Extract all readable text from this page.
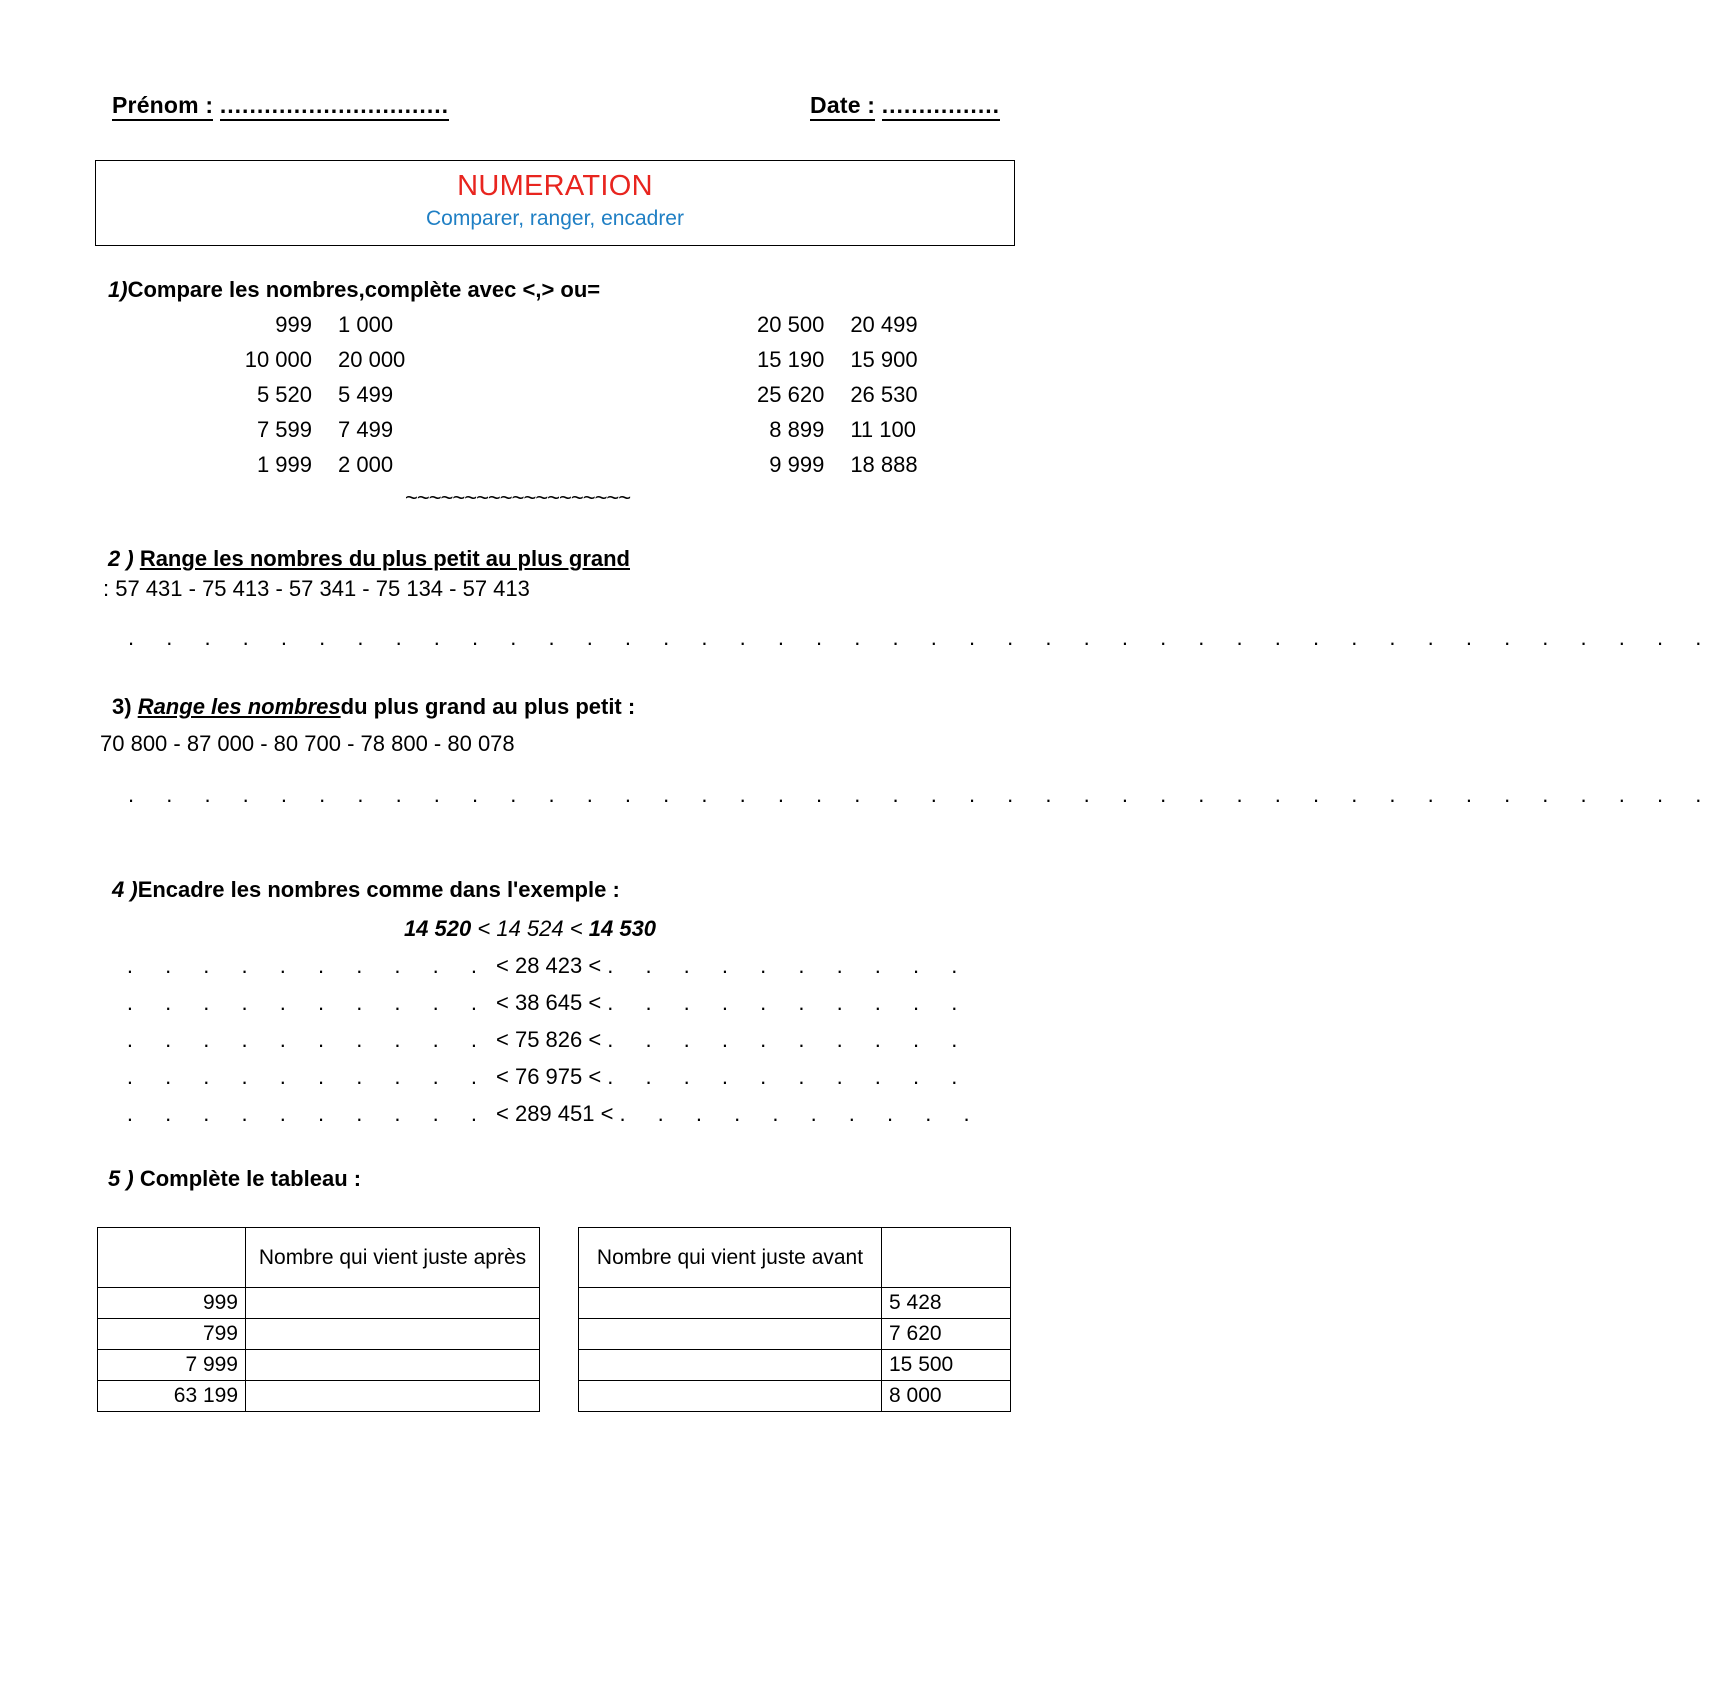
Prénom : ...............................	Date : ................
NUMERATION
Comparer, ranger, encadrer
1)Compare les nombres,complète avec <,> ou=
999	1 000	20 500	20 499
10 000	20 000	15 190	15 900
5 520	5 499	25 620	26 530
7 599	7 499	8 899	11 100
1 999	2 000	9 999	18 888
~~~~~~~~~~~~~~~~~~~
2 ) Range les nombres du plus petit au plus grand
: 57 431 - 75 413 - 57 341 - 75 134 - 57 413
. . . . . . . . . . . . . . . . . . . . . . . . . . . . . . . . . . . . . . . . . .
3) Range les nombresdu plus grand au plus petit :
70 800 - 87 000 - 80 700 - 78 800 - 80 078
. . . . . . . . . . . . . . . . . . . . . . . . . . . . . . . . . . . . . . . . . .
4 )Encadre les nombres comme dans l'exemple :
14 520 < 14 524 < 14 530
. . . . . . . . . . < 28 423 < . . . . . . . . . .
. . . . . . . . . . < 38 645 < . . . . . . . . . .
. . . . . . . . . . < 75 826 < . . . . . . . . . .
. . . . . . . . . . < 76 975 < . . . . . . . . . .
. . . . . . . . . . < 289 451 < . . . . . . . . . .
5 ) Complète le tableau :
	Nombre qui vient juste après
999	
799	
7 999	
63 199	
Nombre qui vient juste avant	
	5 428
	7 620
	15 500
	8 000
